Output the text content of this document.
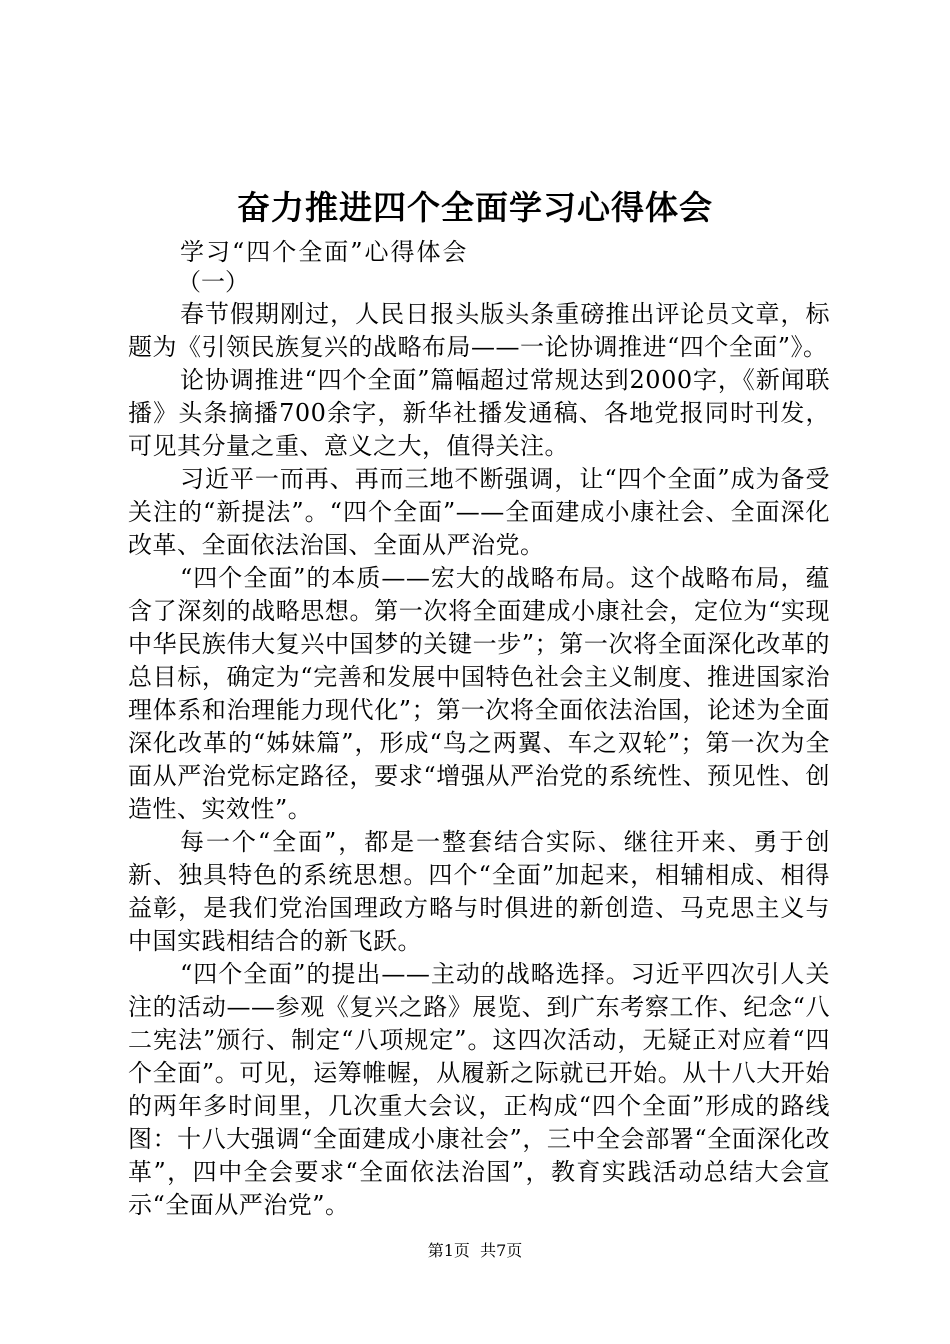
奋力推进四个全面学习心得体会
学习“四个全面”心得体会
（一）

春节假期刚过，人民日报头版头条重磅推出评论员文章，标题为《引领民族复兴的战略布局——一论协调推进“四个全面”》。

论协调推进“四个全面”篇幅超过常规达到2000字，《新闻联播》头条摘播700余字，新华社播发通稿、各地党报同时刊发，可见其分量之重、意义之大，值得关注。

习近平一而再、再而三地不断强调，让“四个全面”成为备受关注的“新提法”。“四个全面”——全面建成小康社会、全面深化改革、全面依法治国、全面从严治党。

“四个全面”的本质——宏大的战略布局。这个战略布局，蕴含了深刻的战略思想。第一次将全面建成小康社会，定位为“实现中华民族伟大复兴中国梦的关键一步”；第一次将全面深化改革的总目标，确定为“完善和发展中国特色社会主义制度、推进国家治理体系和治理能力现代化”；第一次将全面依法治国，论述为全面深化改革的“姊妹篇”，形成“鸟之两翼、车之双轮”；第一次为全面从严治党标定路径，要求“增强从严治党的系统性、预见性、创造性、实效性”。

每一个“全面”，都是一整套结合实际、继往开来、勇于创新、独具特色的系统思想。四个“全面”加起来，相辅相成、相得益彰，是我们党治国理政方略与时俱进的新创造、马克思主义与中国实践相结合的新飞跃。

“四个全面”的提出——主动的战略选择。习近平四次引人关注的活动——参观《复兴之路》展览、到广东考察工作、纪念“八二宪法”颁行、制定“八项规定”。这四次活动，无疑正对应着“四个全面”。可见，运筹帷幄，从履新之际就已开始。从十八大开始的两年多时间里，几次重大会议，正构成“四个全面”形成的路线图：十八大强调“全面建成小康社会”，三中全会部署“全面深化改革”，四中全会要求“全面依法治国”，教育实践活动总结大会宣示“全面从严治党”。

第1页  共7页
